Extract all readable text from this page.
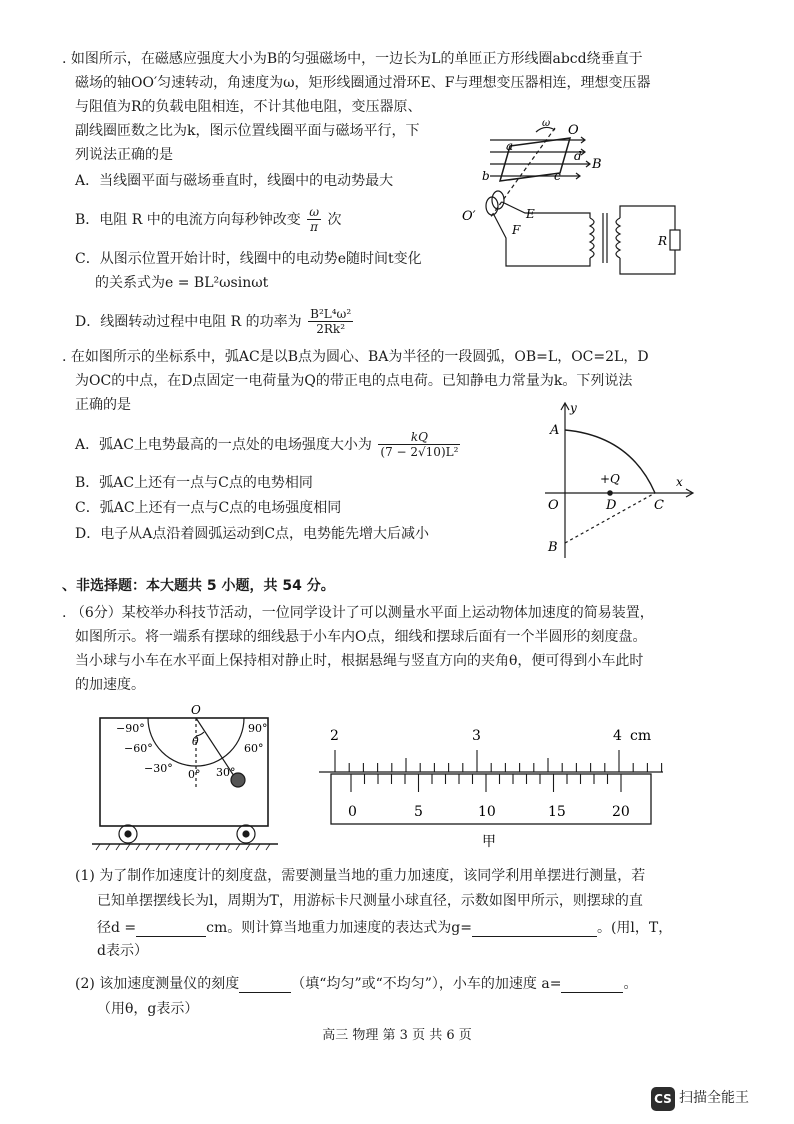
. 如图所示，在磁感应强度大小为B的匀强磁场中，一边长为L的单匝正方形线圈abcd绕垂直于
磁场的轴OO′匀速转动，角速度为ω，矩形线圈通过滑环E、F与理想变压器相连，理想变压器
与阻值为R的负载电阻相连，不计其他电阻，变压器原、
副线圈匝数之比为k，图示位置线圈平面与磁场平行，下
列说法正确的是
A．当线圈平面与磁场垂直时，线圈中的电动势最大
B．电阻 R 中的电流方向每秒钟改变 $\frac{\omega}{\pi}$ 次
C．从图示位置开始计时，线圈中的电动势e随时间t变化
的关系式为e = BL²ωsinωt
D．线圈转动过程中电阻 R 的功率为 $\frac{\text{B²L⁴ω²}}{\text{2Rk²}}$
ω O
a
d
B
b	c
O′	E
F
R
. 在如图所示的坐标系中，弧AC是以B点为圆心、BA为半径的一段圆弧，OB=L，OC=2L，D
为OC的中点，在D点固定一电荷量为Q的带正电的点电荷。已知静电力常量为k。下列说法
正确的是
A．弧AC上电势最高的一点处的电场强度大小为 $\frac{kQ}{\text{(7 − 2√10)L²}}$
B．弧AC上还有一点与C点的电势相同
C．弧AC上还有一点与C点的电场强度相同
D．电子从A点沿着圆弧运动到C点，电势能先增大后减小
y
A
+Q	x
O	D	C
B
、非选择题：本大题共 5 小题，共 54 分。
. （6分）某校举办科技节活动，一位同学设计了可以测量水平面上运动物体加速度的简易装置，
如图所示。将一端系有摆球的细线悬于小车内O点，细线和摆球后面有一个半圆形的刻度盘。
当小球与小车在水平面上保持相对静止时，根据悬绳与竖直方向的夹角θ，便可得到小车此时
的加速度。
O
θ
−90°	90°
−60°	60°
−30°	30°
0°
2	3	4 cm
0	5	10	15	20
甲
(1) 为了制作加速度计的刻度盘，需要测量当地的重力加速度，该同学利用单摆进行测量，若
已知单摆摆线长为l，周期为T，用游标卡尺测量小球直径，示数如图甲所示，则摆球的直
径d =	cm。则计算当地重力加速度的表达式为g=	。(用l，T，
d表示）
(2) 该加速度测量仪的刻度	（填“均匀”或“不均匀”），小车的加速度 a=	。
（用θ，g表示）
高三 物理 第 3 页 共 6 页
CS 扫描全能王
